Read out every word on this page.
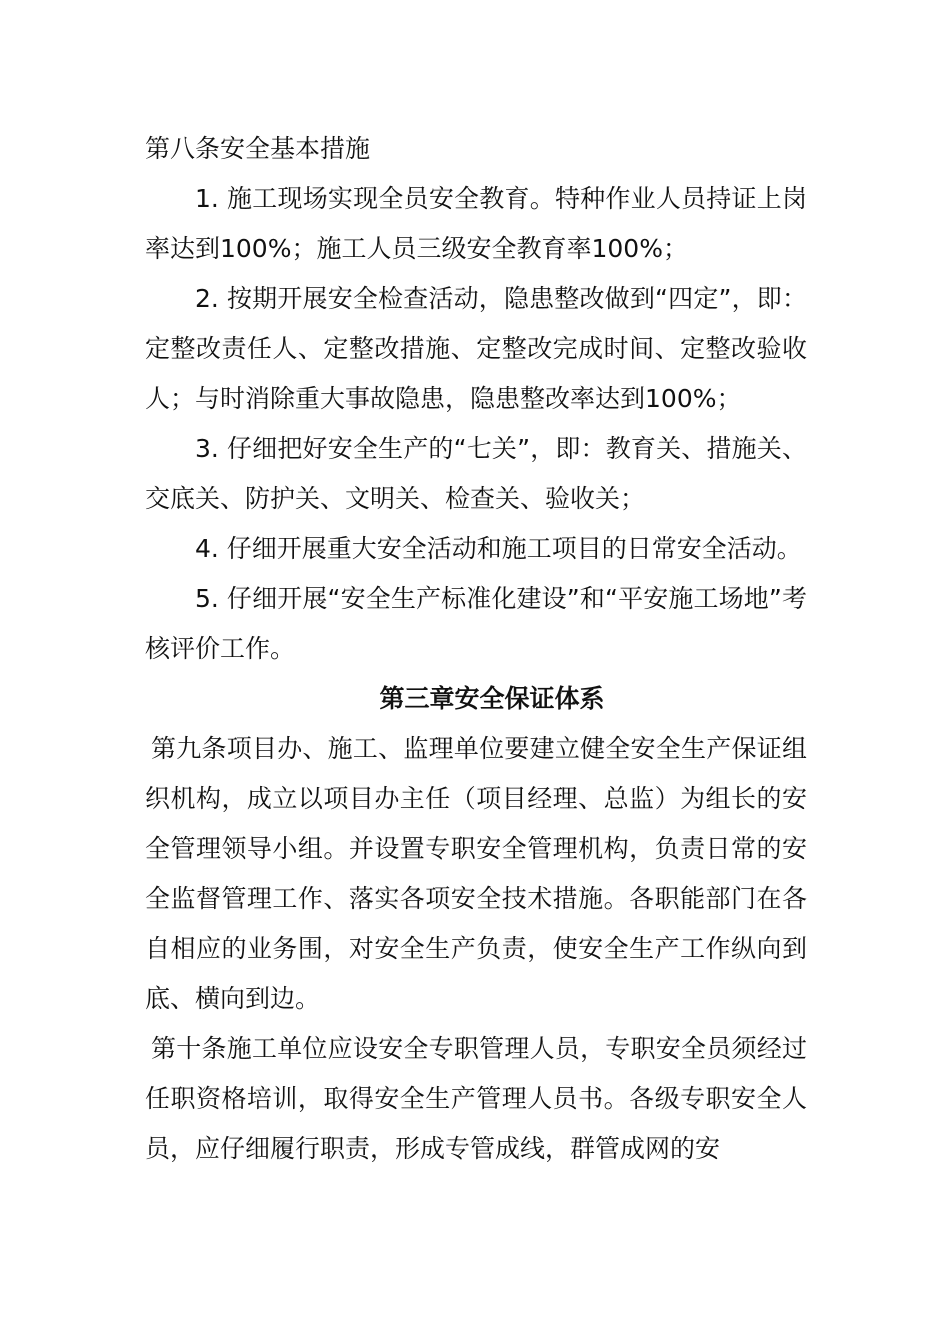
第八条安全基本措施

1. 施工现场实现全员安全教育。特种作业人员持证上岗率达到100%；施工人员三级安全教育率100%；

2. 按期开展安全检查活动，隐患整改做到“四定”，即：定整改责任人、定整改措施、定整改完成时间、定整改验收人；与时消除重大事故隐患，隐患整改率达到100%；

3. 仔细把好安全生产的“七关”，即：教育关、措施关、交底关、防护关、文明关、检查关、验收关；

4. 仔细开展重大安全活动和施工项目的日常安全活动。

5. 仔细开展“安全生产标准化建设”和“平安施工场地”考核评价工作。

第三章安全保证体系

第九条项目办、施工、监理单位要建立健全安全生产保证组织机构，成立以项目办主任（项目经理、总监）为组长的安全管理领导小组。并设置专职安全管理机构，负责日常的安全监督管理工作、落实各项安全技术措施。各职能部门在各自相应的业务围，对安全生产负责，使安全生产工作纵向到底、横向到边。

第十条施工单位应设安全专职管理人员，专职安全员须经过任职资格培训，取得安全生产管理人员书。各级专职安全人员，应仔细履行职责，形成专管成线，群管成网的安
